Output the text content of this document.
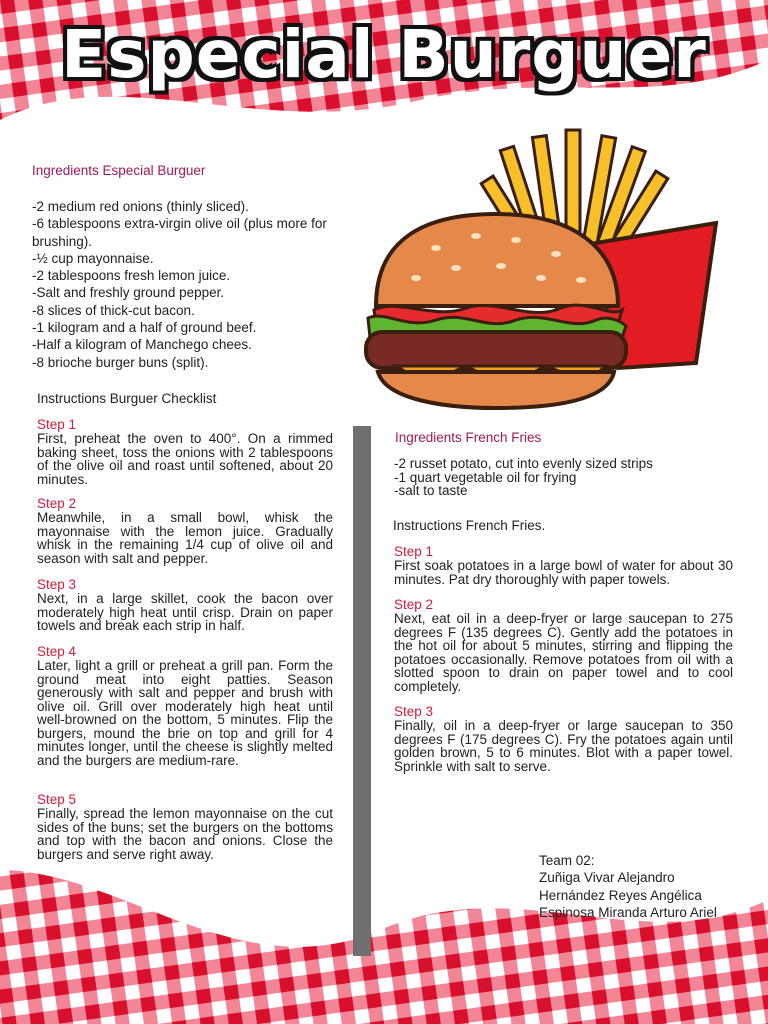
Especial Burguer
Ingredients Especial Burguer
-2 medium red onions (thinly sliced).
-6 tablespoons extra-virgin olive oil (plus more for brushing).
-½ cup mayonnaise.
-2 tablespoons fresh lemon juice.
-Salt and freshly ground pepper.
-8 slices of thick-cut bacon.
-1 kilogram and a half of ground beef.
-Half a kilogram of Manchego chees.
-8 brioche burger buns (split).
Instructions Burguer Checklist
Step 1
First, preheat the oven to 400°. On a rimmed baking sheet, toss the onions with 2 tablespoons of the olive oil and roast until softened, about 20 minutes.
Step 2
Meanwhile, in a small bowl, whisk the mayonnaise with the lemon juice. Gradually whisk in the remaining 1/4 cup of olive oil and season with salt and pepper.
Step 3
Next, in a large skillet, cook the bacon over moderately high heat until crisp. Drain on paper towels and break each strip in half.
Step 4
Later, light a grill or preheat a grill pan. Form the ground meat into eight patties. Season generously with salt and pepper and brush with olive oil. Grill over moderately high heat until well-browned on the bottom, 5 minutes. Flip the burgers, mound the brie on top and grill for 4 minutes longer, until the cheese is slightly melted and the burgers are medium-rare.
Step 5
Finally, spread the lemon mayonnaise on the cut sides of the buns; set the burgers on the bottoms and top with the bacon and onions. Close the burgers and serve right away.
Ingredients French Fries
-2 russet potato, cut into evenly sized strips
-1 quart vegetable oil for frying
-salt to taste
Instructions French Fries.
Step 1
First soak potatoes in a large bowl of water for about 30 minutes. Pat dry thoroughly with paper towels.
Step 2
Next, eat oil in a deep-fryer or large saucepan to 275 degrees F (135 degrees C). Gently add the potatoes in the hot oil for about 5 minutes, stirring and flipping the potatoes occasionally. Remove potatoes from oil with a slotted spoon to drain on paper towel and to cool completely.
Step 3
Finally, oil in a deep-fryer or large saucepan to 350 degrees F (175 degrees C). Fry the potatoes again until golden brown, 5 to 6 minutes. Blot with a paper towel. Sprinkle with salt to serve.
Team 02:
Zuñiga Vivar Alejandro
Hernández Reyes Angélica
Espinosa Miranda Arturo Ariel
